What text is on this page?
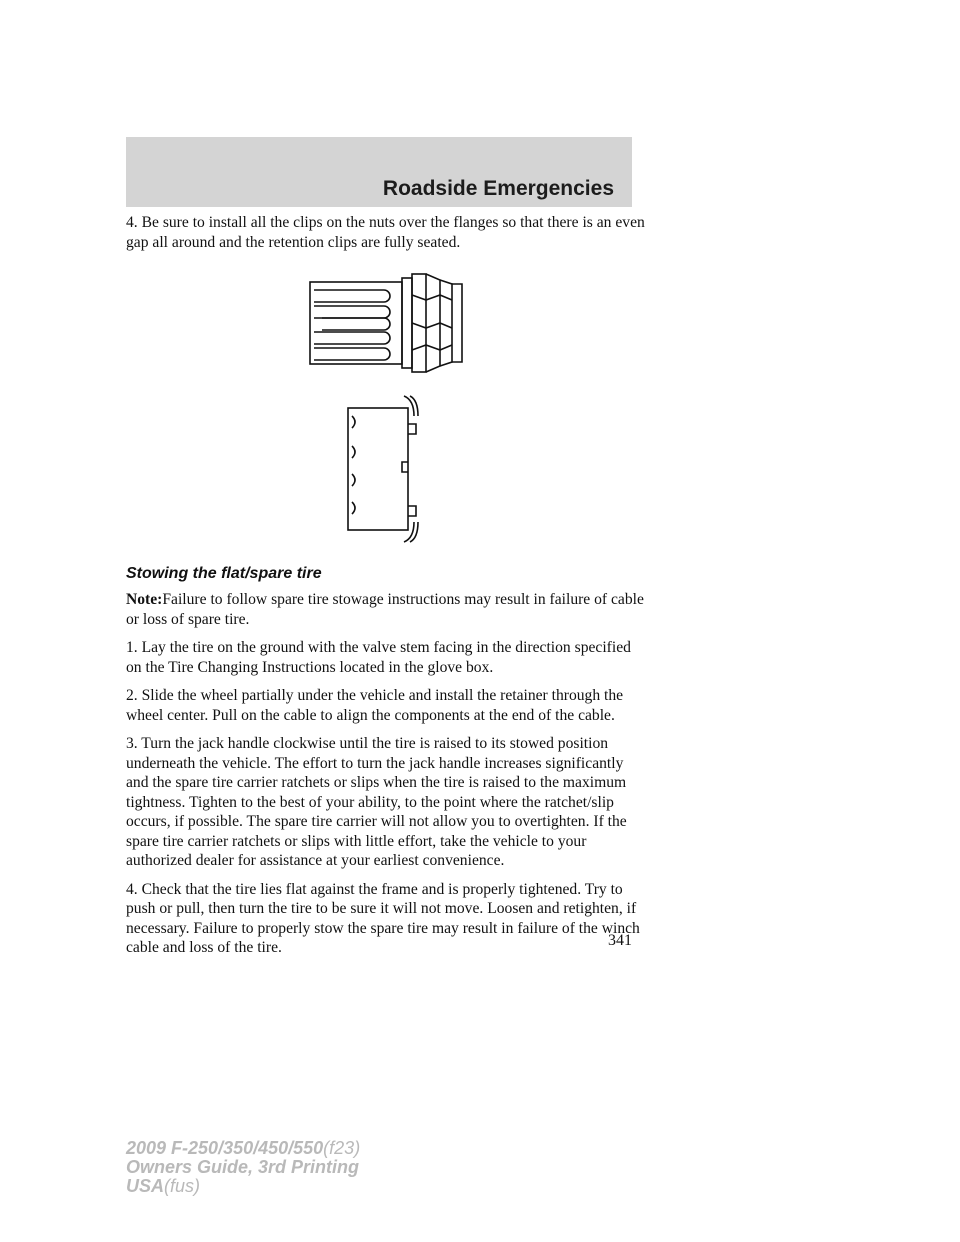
Roadside Emergencies

4. Be sure to install all the clips on the nuts over the flanges so that there is an even gap all around and the retention clips are fully seated.

Stowing the flat/spare tire

Note:Failure to follow spare tire stowage instructions may result in failure of cable or loss of spare tire.

1. Lay the tire on the ground with the valve stem facing in the direction specified on the Tire Changing Instructions located in the glove box.

2. Slide the wheel partially under the vehicle and install the retainer through the wheel center. Pull on the cable to align the components at the end of the cable.

3. Turn the jack handle clockwise until the tire is raised to its stowed position underneath the vehicle. The effort to turn the jack handle increases significantly and the spare tire carrier ratchets or slips when the tire is raised to the maximum tightness. Tighten to the best of your ability, to the point where the ratchet/slip occurs, if possible. The spare tire carrier will not allow you to overtighten. If the spare tire carrier ratchets or slips with little effort, take the vehicle to your authorized dealer for assistance at your earliest convenience.

4. Check that the tire lies flat against the frame and is properly tightened. Try to push or pull, then turn the tire to be sure it will not move. Loosen and retighten, if necessary. Failure to properly stow the spare tire may result in failure of the winch cable and loss of the tire.	341
2009 F-250/350/450/550(f23)
Owners Guide, 3rd Printing
USA(fus)
